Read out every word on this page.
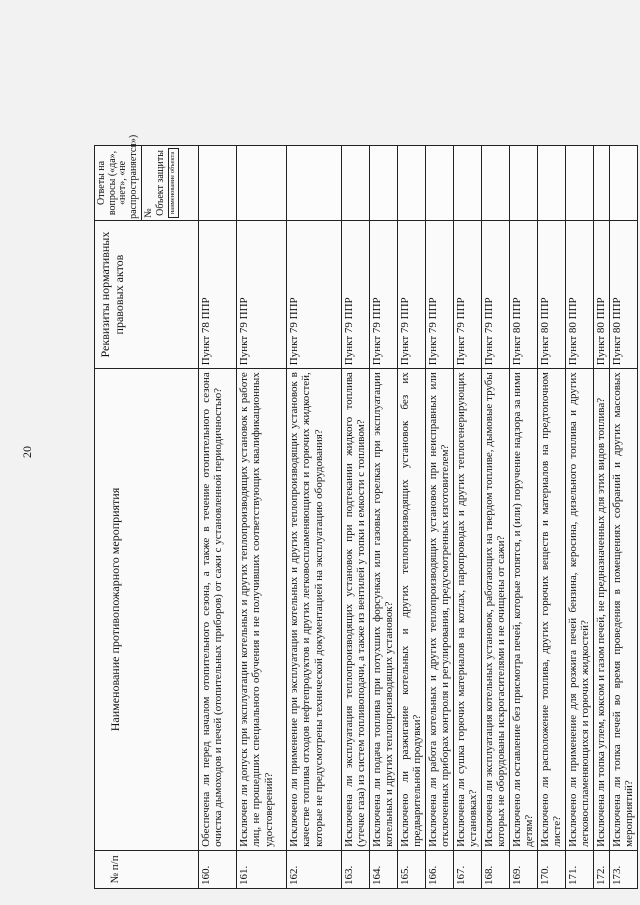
20
№ п/п	Наименование противопожарного мероприятия	Реквизиты нормативных правовых актов	Ответы на вопросы («да», «нет», «не распространяется») № Объект защиты наименование объекта

160.	Обеспечена ли перед началом отопительного сезона, а также в течение отопительного сезона очистка дымоходов и печей (отопительных приборов) от сажи с установленной периодичностью?	Пункт 78 ППР	
161.	Исключен ли допуск при эксплуатации котельных и других теплопроизводящих установок к работе лиц, не прошедших специального обучения и не получивших соответствующих квалификационных удостоверений?	Пункт 79 ППР	
162.	Исключено ли применение при эксплуатации котельных и других теплопроизводящих установок в качестве топлива отходов нефтепродуктов и других легковоспламеняющихся и горючих жидкостей, которые не предусмотрены технической документацией на эксплуатацию оборудования?	Пункт 79 ППР	
163.	Исключена ли эксплуатация теплопроизводящих установок при подтекании жидкого топлива (утечке газа) из систем топливоподачи, а также из вентилей у топки и емкости с топливом?	Пункт 79 ППР	
164.	Исключена ли подача топлива при потухших форсунках или газовых горелках при эксплуатации котельных и других теплопроизводящих установок?	Пункт 79 ППР	
165.	Исключено ли разжигание котельных и других теплопроизводящих установок без их предварительной продувки?	Пункт 79 ППР	
166.	Исключена ли работа котельных и других теплопроизводящих установок при неисправных или отключенных приборах контроля и регулирования, предусмотренных изготовителем?	Пункт 79 ППР	
167.	Исключена ли сушка горючих материалов на котлах, паропроводах и других теплогенерирующих установках?	Пункт 79 ППР	
168.	Исключена ли эксплуатация котельных установок, работающих на твердом топливе, дымовые трубы которых не оборудованы искрогасителями и не очищены от сажи?	Пункт 79 ППР	
169.	Исключено ли оставление без присмотра печей, которые топятся, и (или) поручение надзора за ними детям?	Пункт 80 ППР	
170.	Исключено ли расположение топлива, других горючих веществ и материалов на предтопочном листе?	Пункт 80 ППР	
171.	Исключено ли применение для розжига печей бензина, керосина, дизельного топлива и других легковоспламеняющихся и горючих жидкостей?	Пункт 80 ППР	
172.	Исключена ли топка углем, коксом и газом печей, не предназначенных для этих видов топлива?	Пункт 80 ППР	
173.	Исключена ли топка печей во время проведения в помещениях собраний и других массовых мероприятий?	Пункт 80 ППР	
